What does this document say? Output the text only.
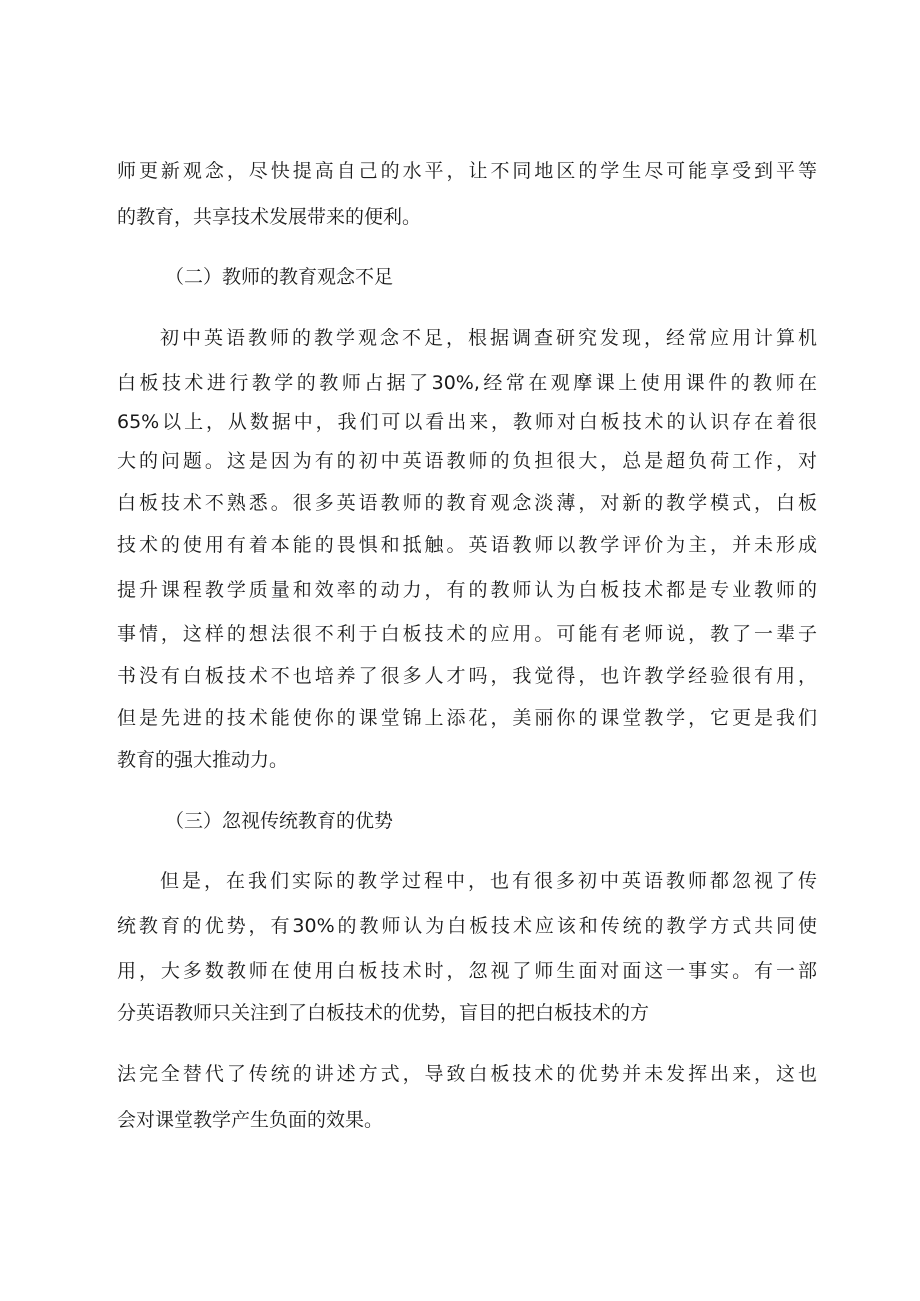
师更新观念，尽快提高自己的水平，让不同地区的学生尽可能享受到平等
的教育，共享技术发展带来的便利。
（二）教师的教育观念不足
初中英语教师的教学观念不足，根据调查研究发现，经常应用计算机
白板技术进行教学的教师占据了30%,经常在观摩课上使用课件的教师在
65%以上，从数据中，我们可以看出来，教师对白板技术的认识存在着很
大的问题。这是因为有的初中英语教师的负担很大，总是超负荷工作，对
白板技术不熟悉。很多英语教师的教育观念淡薄，对新的教学模式，白板
技术的使用有着本能的畏惧和抵触。英语教师以教学评价为主，并未形成
提升课程教学质量和效率的动力，有的教师认为白板技术都是专业教师的
事情，这样的想法很不利于白板技术的应用。可能有老师说，教了一辈子
书没有白板技术不也培养了很多人才吗，我觉得，也许教学经验很有用，
但是先进的技术能使你的课堂锦上添花，美丽你的课堂教学，它更是我们
教育的强大推动力。
（三）忽视传统教育的优势
但是，在我们实际的教学过程中，也有很多初中英语教师都忽视了传
统教育的优势，有30%的教师认为白板技术应该和传统的教学方式共同使
用，大多数教师在使用白板技术时，忽视了师生面对面这一事实。有一部
分英语教师只关注到了白板技术的优势，盲目的把白板技术的方
法完全替代了传统的讲述方式，导致白板技术的优势并未发挥出来，这也
会对课堂教学产生负面的效果。
